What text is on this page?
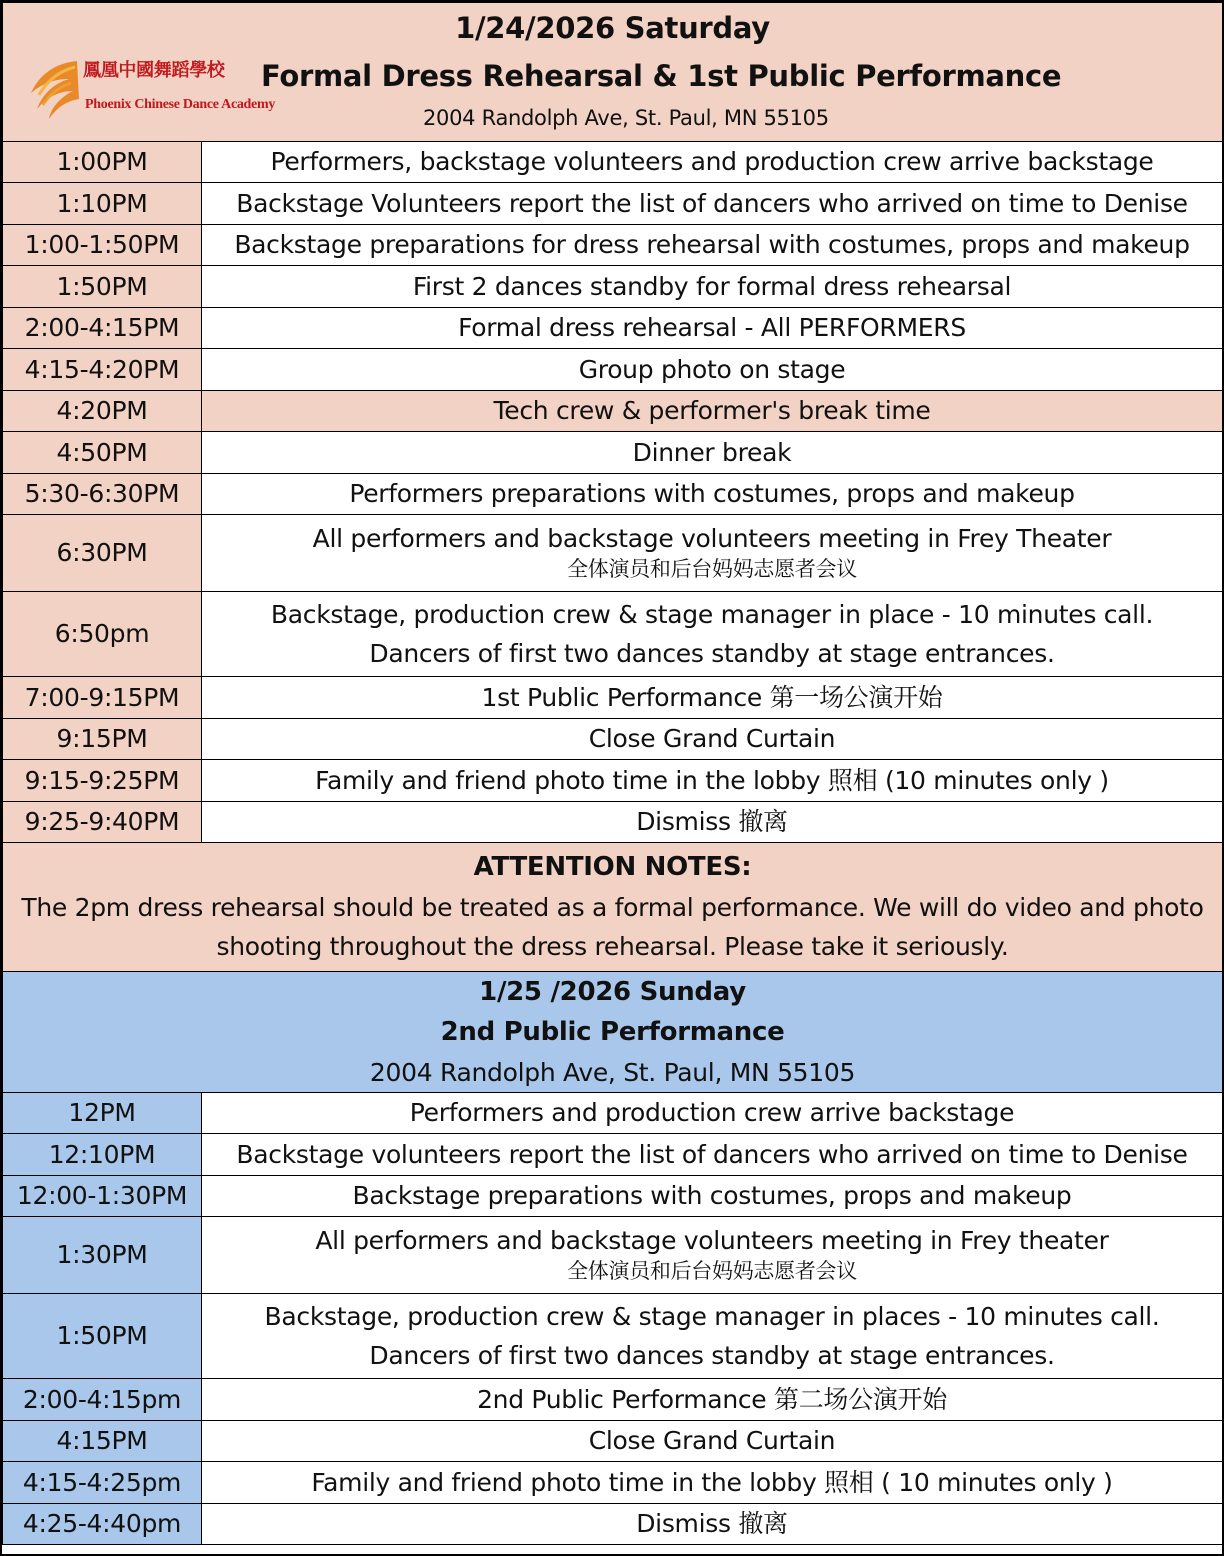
鳳凰中國舞蹈學校
Phoenix Chinese Dance Academy
1/24/2026 Saturday
Formal Dress Rehearsal & 1st Public Performance
2004 Randolph Ave, St. Paul, MN 55105	

1:00PM	Performers, backstage volunteers and production crew arrive backstage
1:10PM	Backstage Volunteers report the list of dancers who arrived on time to Denise
1:00-1:50PM	Backstage preparations for dress rehearsal with costumes, props and makeup
1:50PM	First 2 dances standby for formal dress rehearsal
2:00-4:15PM	Formal dress rehearsal - All PERFORMERS
4:15-4:20PM	Group photo on stage
4:20PM	Tech crew & performer's break time
4:50PM	Dinner break
5:30-6:30PM	Performers preparations with costumes, props and makeup
6:30PM	All performers and backstage volunteers meeting in Frey Theater
全体演员和后台妈妈志愿者会议

6:50pm	Backstage, production crew & stage manager in place - 10 minutes call.
Dancers of first two dances standby at stage entrances.

7:00-9:15PM	1st Public Performance 第一场公演开始
9:15PM	Close Grand Curtain
9:15-9:25PM	Family and friend photo time in the lobby 照相 (10 minutes only )
9:25-9:40PM	Dismiss 撤离

ATTENTION NOTES:
The 2pm dress rehearsal should be treated as a formal performance. We will do video and photo
shooting throughout the dress rehearsal. Please take it seriously.	

1/25 /2026 Sunday
2nd Public Performance
2004 Randolph Ave, St. Paul, MN 55105	

12PM	Performers and production crew arrive backstage
12:10PM	Backstage volunteers report the list of dancers who arrived on time to Denise
12:00-1:30PM	Backstage preparations with costumes, props and makeup
1:30PM	All performers and backstage volunteers meeting in Frey theater
全体演员和后台妈妈志愿者会议

1:50PM	Backstage, production crew & stage manager in places - 10 minutes call.
Dancers of first two dances standby at stage entrances.

2:00-4:15pm	2nd Public Performance 第二场公演开始
4:15PM	Close Grand Curtain
4:15-4:25pm	Family and friend photo time in the lobby 照相 ( 10 minutes only )
4:25-4:40pm	Dismiss 撤离
